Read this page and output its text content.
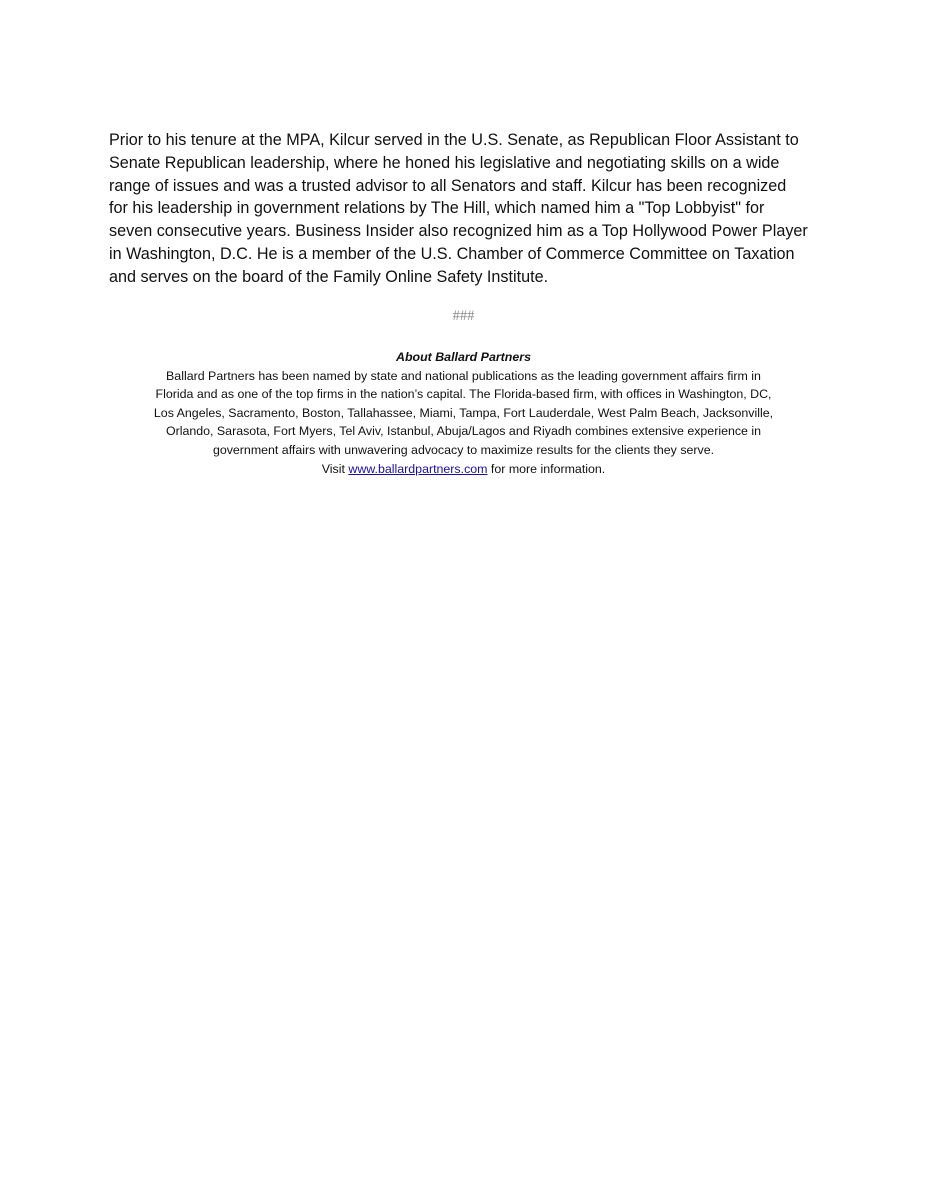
Prior to his tenure at the MPA, Kilcur served in the U.S. Senate, as Republican Floor Assistant to
Senate Republican leadership, where he honed his legislative and negotiating skills on a wide
range of issues and was a trusted advisor to all Senators and staff. Kilcur has been recognized
for his leadership in government relations by The Hill, which named him a "Top Lobbyist" for
seven consecutive years. Business Insider also recognized him as a Top Hollywood Power Player
in Washington, D.C. He is a member of the U.S. Chamber of Commerce Committee on Taxation
and serves on the board of the Family Online Safety Institute.

###

About Ballard Partners
Ballard Partners has been named by state and national publications as the leading government affairs firm in
Florida and as one of the top firms in the nation’s capital. The Florida-based firm, with offices in Washington, DC,
Los Angeles, Sacramento, Boston, Tallahassee, Miami, Tampa, Fort Lauderdale, West Palm Beach, Jacksonville,
Orlando, Sarasota, Fort Myers, Tel Aviv, Istanbul, Abuja/Lagos and Riyadh combines extensive experience in
government affairs with unwavering advocacy to maximize results for the clients they serve.
Visit www.ballardpartners.com for more information.
